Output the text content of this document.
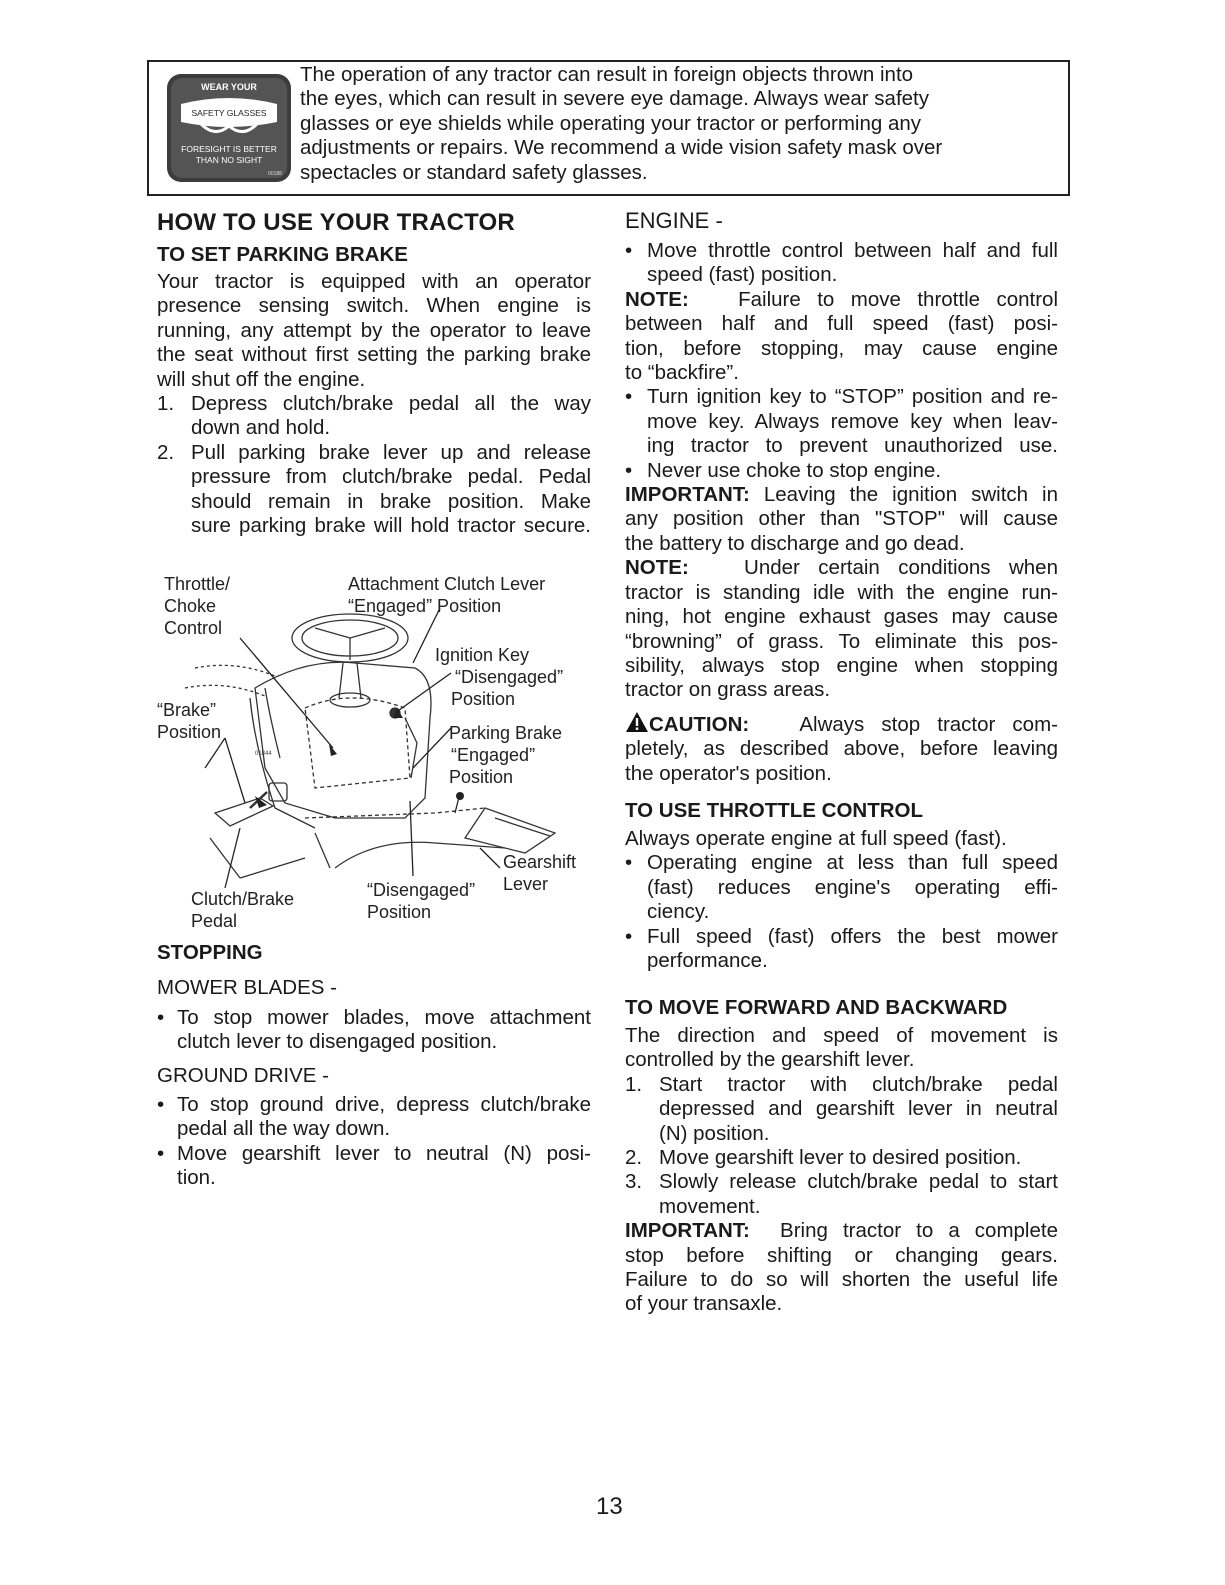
WEAR YOUR
SAFETY GLASSES
FORESIGHT IS BETTER
THAN NO SIGHT
00188
The operation of any tractor can result in foreign objects thrown into
the eyes, which can result in severe eye damage. Always wear safety
glasses or eye shields while operating your tractor or performing any
adjustments or repairs. We recommend a wide vision safety mask over
spectacles or standard safety glasses.
HOW TO USE YOUR TRACTOR
TO SET PARKING BRAKE
Your tractor is equipped with an operator
presence sensing switch. When engine is
running, any attempt by the operator to leave
the seat without first setting the parking brake
will shut off the engine.
1. Depress clutch/brake pedal all the way
down and hold.
2. Pull parking brake lever up and release
pressure from clutch/brake pedal. Pedal
should remain in brake position. Make
sure parking brake will hold tractor secure.
01844
Throttle/
Choke
Control
Attachment Clutch Lever
“Engaged” Position
Ignition Key
“Disengaged”
Position
“Brake”
Position	Parking Brake
“Engaged”
Position
Gearshift
Lever
“Disengaged”
Position
Clutch/Brake
Pedal
STOPPING
MOWER BLADES -
• To stop mower blades, move attachment
clutch lever to disengaged position.
GROUND DRIVE -
• To stop ground drive, depress clutch/brake
pedal all the way down.
• Move gearshift lever to neutral (N) posi-
tion.
ENGINE -
• Move throttle control between half and full
speed (fast) position.
NOTE: Failure to move throttle control
between half and full speed (fast) posi-
tion, before stopping, may cause engine
to “backfire”.
• Turn ignition key to “STOP” position and re-
move key. Always remove key when leav-
ing tractor to prevent unauthorized use.
• Never use choke to stop engine.
IMPORTANT: Leaving the ignition switch in
any position other than "STOP" will cause
the battery to discharge and go dead.
NOTE:	Under certain conditions when
tractor is standing idle with the engine run-
ning, hot engine exhaust gases may cause
“browning” of grass. To eliminate this pos-
sibility, always stop engine when stopping
tractor on grass areas.
CAUTION: Always stop tractor com-
pletely, as described above, before leaving
the operator's position.
TO USE THROTTLE CONTROL
Always operate engine at full speed (fast).
• Operating engine at less than full speed
(fast) reduces engine's operating effi-
ciency.
• Full speed (fast) offers the best mower
performance.
TO MOVE FORWARD AND BACKWARD
The direction and speed of movement is
controlled by the gearshift lever.
1. Start tractor with clutch/brake pedal
depressed and gearshift lever in neutral
(N) position.
2. Move gearshift lever to desired position.
3. Slowly release clutch/brake pedal to start
movement.
IMPORTANT: Bring tractor to a complete
stop before shifting or changing gears.
Failure to do so will shorten the useful life
of your transaxle.
13
